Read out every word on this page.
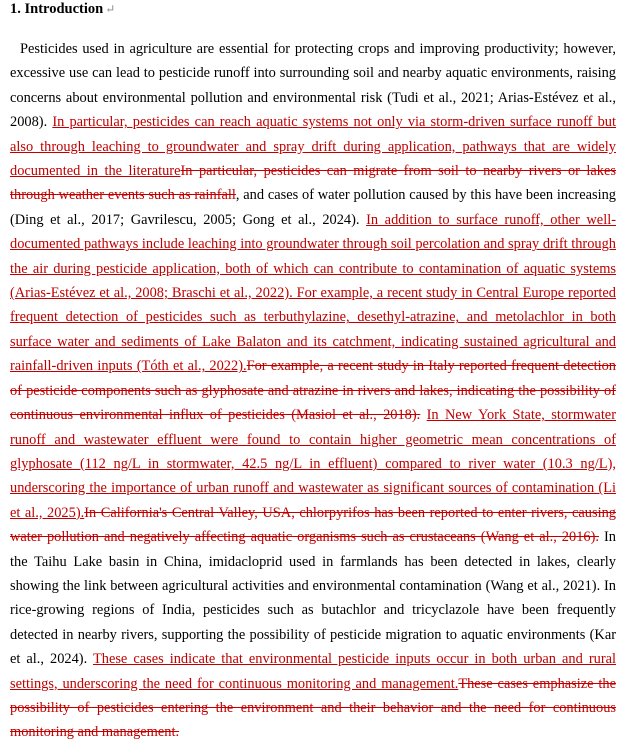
1. Introduction ↵

Pesticides used in agriculture are essential for protecting crops and improving productivity; however, excessive use can lead to pesticide runoff into surrounding soil and nearby aquatic environments, raising concerns about environmental pollution and environmental risk (Tudi et al., 2021; Arias-Estévez et al., 2008). In particular, pesticides can reach aquatic systems not only via storm-driven surface runoff but also through leaching to groundwater and spray drift during application, pathways that are widely documented in the literatureIn particular, pesticides can migrate from soil to nearby rivers or lakes through weather events such as rainfall, and cases of water pollution caused by this have been increasing (Ding et al., 2017; Gavrilescu, 2005; Gong et al., 2024). In addition to surface runoff, other well-documented pathways include leaching into groundwater through soil percolation and spray drift through the air during pesticide application, both of which can contribute to contamination of aquatic systems (Arias-Estévez et al., 2008; Braschi et al., 2022). For example, a recent study in Central Europe reported frequent detection of pesticides such as terbuthylazine, desethyl-atrazine, and metolachlor in both surface water and sediments of Lake Balaton and its catchment, indicating sustained agricultural and rainfall-driven inputs (Tóth et al., 2022).For example, a recent study in Italy reported frequent detection of pesticide components such as glyphosate and atrazine in rivers and lakes, indicating the possibility of continuous environmental influx of pesticides (Masiol et al., 2018). In New York State, stormwater runoff and wastewater effluent were found to contain higher geometric mean concentrations of glyphosate (112 ng/L in stormwater, 42.5 ng/L in effluent) compared to river water (10.3 ng/L), underscoring the importance of urban runoff and wastewater as significant sources of contamination (Li et al., 2025).In California's Central Valley, USA, chlorpyrifos has been reported to enter rivers, causing water pollution and negatively affecting aquatic organisms such as crustaceans (Wang et al., 2016). In the Taihu Lake basin in China, imidacloprid used in farmlands has been detected in lakes, clearly showing the link between agricultural activities and environmental contamination (Wang et al., 2021). In rice-growing regions of India, pesticides such as butachlor and tricyclazole have been frequently detected in nearby rivers, supporting the possibility of pesticide migration to aquatic environments (Kar et al., 2024). These cases indicate that environmental pesticide inputs occur in both urban and rural settings, underscoring the need for continuous monitoring and management.These cases emphasize the possibility of pesticides entering the environment and their behavior and the need for continuous monitoring and management.
